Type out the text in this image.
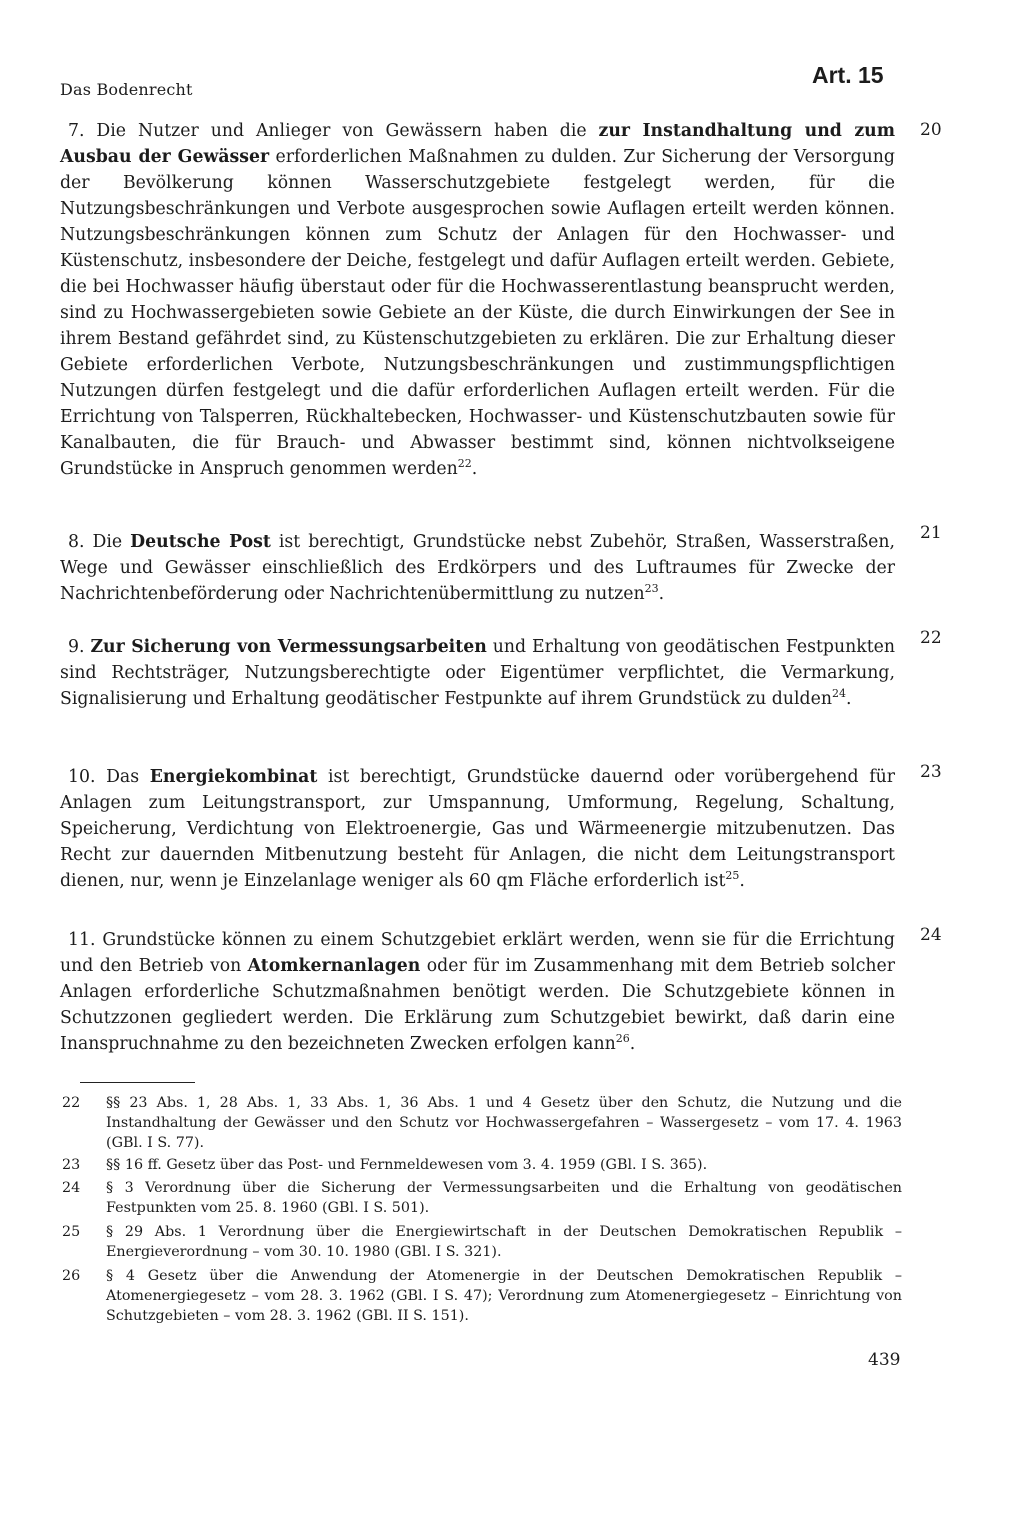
Das Bodenrecht
Art. 15

7. Die Nutzer und Anlieger von Gewässern haben die zur Instandhaltung und zum Ausbau der Gewässer erforderlichen Maßnahmen zu dulden. Zur Sicherung der Versorgung der Bevölkerung können Wasserschutzgebiete festgelegt werden, für die Nutzungsbeschränkungen und Verbote ausgesprochen sowie Auflagen erteilt werden können. Nutzungsbeschränkungen können zum Schutz der Anlagen für den Hochwasser- und Küstenschutz, insbesondere der Deiche, festgelegt und dafür Auflagen erteilt werden. Gebiete, die bei Hochwasser häufig überstaut oder für die Hochwasserentlastung beansprucht werden, sind zu Hochwassergebieten sowie Gebiete an der Küste, die durch Einwirkungen der See in ihrem Bestand gefährdet sind, zu Küstenschutzgebieten zu erklären. Die zur Erhaltung dieser Gebiete erforderlichen Verbote, Nutzungsbeschränkungen und zustimmungspflichtigen Nutzungen dürfen festgelegt und die dafür erforderlichen Auflagen erteilt werden. Für die Errichtung von Talsperren, Rückhaltebecken, Hochwasser- und Küstenschutzbauten sowie für Kanalbauten, die für Brauch- und Abwasser bestimmt sind, können nichtvolkseigene Grundstücke in Anspruch genommen werden$^{22}$.

20

8. Die Deutsche Post ist berechtigt, Grundstücke nebst Zubehör, Straßen, Wasserstraßen, Wege und Gewässer einschließlich des Erdkörpers und des Luftraumes für Zwecke der Nachrichtenbeförderung oder Nachrichtenübermittlung zu nutzen$^{23}$.

21

9. Zur Sicherung von Vermessungsarbeiten und Erhaltung von geodätischen Festpunkten sind Rechtsträger, Nutzungsberechtigte oder Eigentümer verpflichtet, die Vermarkung, Signalisierung und Erhaltung geodätischer Festpunkte auf ihrem Grundstück zu dulden$^{24}$.

22

10. Das Energiekombinat ist berechtigt, Grundstücke dauernd oder vorübergehend für Anlagen zum Leitungstransport, zur Umspannung, Umformung, Regelung, Schaltung, Speicherung, Verdichtung von Elektroenergie, Gas und Wärmeenergie mitzubenutzen. Das Recht zur dauernden Mitbenutzung besteht für Anlagen, die nicht dem Leitungstransport dienen, nur, wenn je Einzelanlage weniger als 60 qm Fläche erforderlich ist$^{25}$.

23

11. Grundstücke können zu einem Schutzgebiet erklärt werden, wenn sie für die Errichtung und den Betrieb von Atomkernanlagen oder für im Zusammenhang mit dem Betrieb solcher Anlagen erforderliche Schutzmaßnahmen benötigt werden. Die Schutzgebiete können in Schutzzonen gegliedert werden. Die Erklärung zum Schutzgebiet bewirkt, daß darin eine Inanspruchnahme zu den bezeichneten Zwecken erfolgen kann$^{26}$.

24
22	§§ 23 Abs. 1, 28 Abs. 1, 33 Abs. 1, 36 Abs. 1 und 4 Gesetz über den Schutz, die Nutzung und die Instandhaltung der Gewässer und den Schutz vor Hochwassergefahren – Wassergesetz – vom 17. 4. 1963 (GBl. I S. 77).
23	§§ 16 ff. Gesetz über das Post- und Fernmeldewesen vom 3. 4. 1959 (GBl. I S. 365).
24	§ 3 Verordnung über die Sicherung der Vermessungsarbeiten und die Erhaltung von geodätischen Festpunkten vom 25. 8. 1960 (GBl. I S. 501).
25	§ 29 Abs. 1 Verordnung über die Energiewirtschaft in der Deutschen Demokratischen Republik – Energieverordnung – vom 30. 10. 1980 (GBl. I S. 321).
26	§ 4 Gesetz über die Anwendung der Atomenergie in der Deutschen Demokratischen Republik – Atomenergiegesetz – vom 28. 3. 1962 (GBl. I S. 47); Verordnung zum Atomenergiegesetz – Einrichtung von Schutzgebieten – vom 28. 3. 1962 (GBl. II S. 151).
439
